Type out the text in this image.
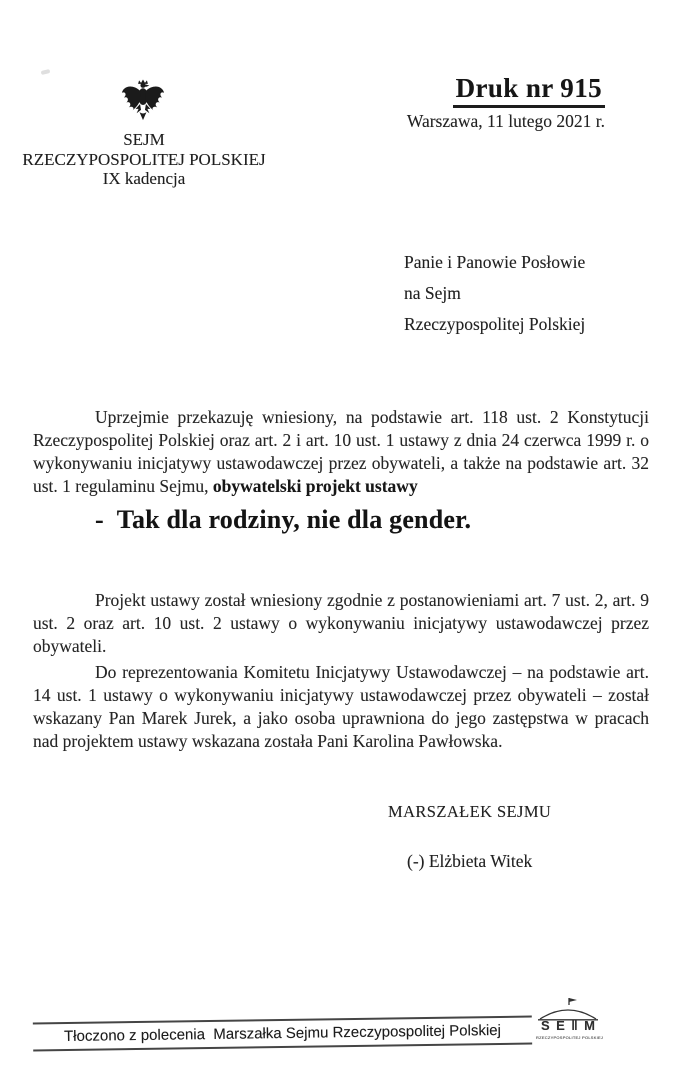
SEJM
RZECZYPOSPOLITEJ POLSKIEJ
IX kadencja
Druk nr 915
Warszawa, 11 lutego 2021 r.
Panie i Panowie Posłowie
na Sejm
Rzeczypospolitej Polskiej

Uprzejmie przekazuję wniesiony, na podstawie art. 118 ust. 2 Konstytucji Rzeczypospolitej Polskiej oraz art. 2 i art. 10 ust. 1 ustawy z dnia 24 czerwca 1999 r. o wykonywaniu inicjatywy ustawodawczej przez obywateli, a także na podstawie art. 32 ust. 1 regulaminu Sejmu, obywatelski projekt ustawy

-  Tak dla rodziny, nie dla gender.

Projekt ustawy został wniesiony zgodnie z postanowieniami art. 7 ust. 2, art. 9 ust. 2 oraz art. 10 ust. 2 ustawy o wykonywaniu inicjatywy ustawodawczej przez obywateli.

Do reprezentowania Komitetu Inicjatywy Ustawodawczej – na podstawie art. 14 ust. 1 ustawy o wykonywaniu inicjatywy ustawodawczej przez obywateli – został wskazany Pan Marek Jurek, a jako osoba uprawniona do jego zastępstwa w pracach nad projektem ustawy wskazana została Pani Karolina Pawłowska.

MARSZAŁEK SEJMU
(-) Elżbieta Witek
Tłoczono z polecenia  Marszałka Sejmu Rzeczypospolitej Polskiej	S E ‖ M
RZECZYPOSPOLITEJ POLSKIEJ
